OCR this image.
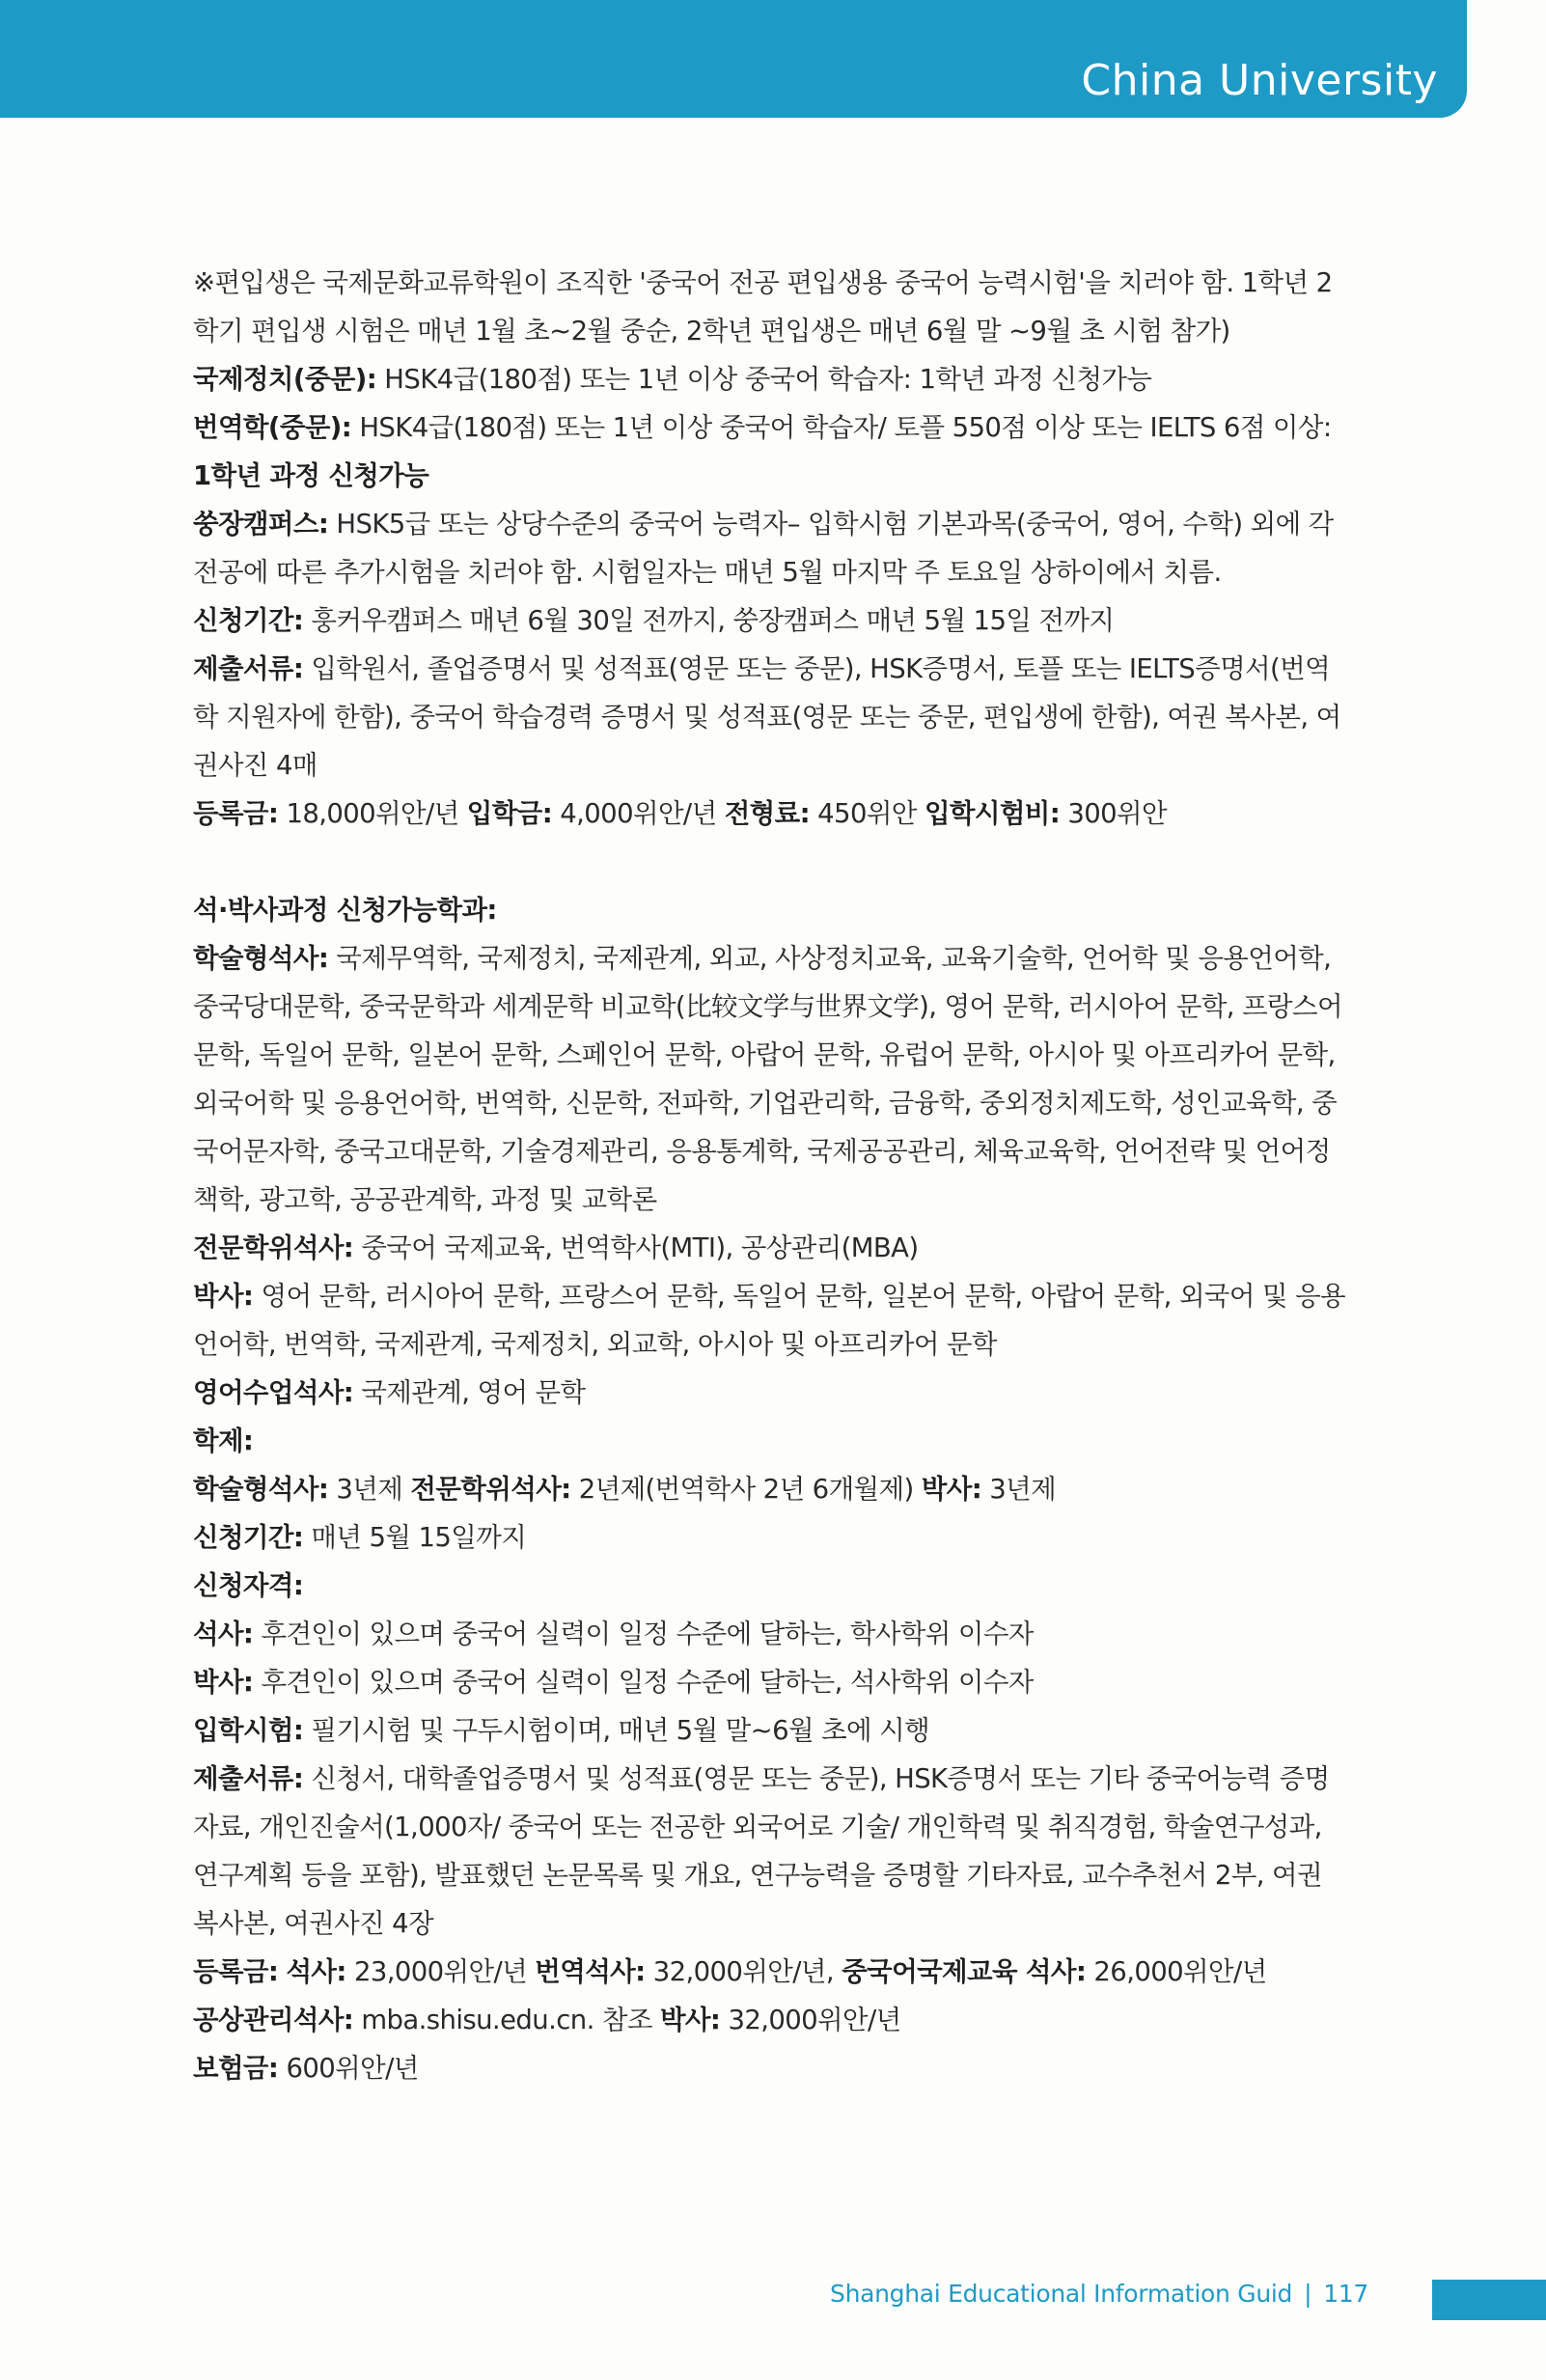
China University

※편입생은 국제문화교류학원이 조직한 '중국어 전공 편입생용 중국어 능력시험'을 치러야 함. 1학년 2학기 편입생 시험은 매년 1월 초~2월 중순, 2학년 편입생은 매년 6월 말 ~9월 초 시험 참가)

국제정치(중문): HSK4급(180점) 또는 1년 이상 중국어 학습자: 1학년 과정 신청가능

번역학(중문): HSK4급(180점) 또는 1년 이상 중국어 학습자/ 토플 550점 이상 또는 IELTS 6점 이상: 1학년 과정 신청가능

쑹장캠퍼스: HSK5급 또는 상당수준의 중국어 능력자– 입학시험 기본과목(중국어, 영어, 수학) 외에 각 전공에 따른 추가시험을 치러야 함. 시험일자는 매년 5월 마지막 주 토요일 상하이에서 치름.

신청기간: 훙커우캠퍼스 매년 6월 30일 전까지, 쑹장캠퍼스 매년 5월 15일 전까지

제출서류: 입학원서, 졸업증명서 및 성적표(영문 또는 중문), HSK증명서, 토플 또는 IELTS증명서(번역학 지원자에 한함), 중국어 학습경력 증명서 및 성적표(영문 또는 중문, 편입생에 한함), 여권 복사본, 여권사진 4매

등록금: 18,000위안/년 입학금: 4,000위안/년 전형료: 450위안 입학시험비: 300위안

석·박사과정 신청가능학과:

학술형석사: 국제무역학, 국제정치, 국제관계, 외교, 사상정치교육, 교육기술학, 언어학 및 응용언어학, 중국당대문학, 중국문학과 세계문학 비교학(比较文学与世界文学), 영어 문학, 러시아어 문학, 프랑스어 문학, 독일어 문학, 일본어 문학, 스페인어 문학, 아랍어 문학, 유럽어 문학, 아시아 및 아프리카어 문학, 외국어학 및 응용언어학, 번역학, 신문학, 전파학, 기업관리학, 금융학, 중외정치제도학, 성인교육학, 중국어문자학, 중국고대문학, 기술경제관리, 응용통계학, 국제공공관리, 체육교육학, 언어전략 및 언어정책학, 광고학, 공공관계학, 과정 및 교학론

전문학위석사: 중국어 국제교육, 번역학사(MTI), 공상관리(MBA)

박사: 영어 문학, 러시아어 문학, 프랑스어 문학, 독일어 문학, 일본어 문학, 아랍어 문학, 외국어 및 응용언어학, 번역학, 국제관계, 국제정치, 외교학, 아시아 및 아프리카어 문학

영어수업석사: 국제관계, 영어 문학

학제:

학술형석사: 3년제 전문학위석사: 2년제(번역학사 2년 6개월제) 박사: 3년제

신청기간: 매년 5월 15일까지

신청자격:

석사: 후견인이 있으며 중국어 실력이 일정 수준에 달하는, 학사학위 이수자

박사: 후견인이 있으며 중국어 실력이 일정 수준에 달하는, 석사학위 이수자

입학시험: 필기시험 및 구두시험이며, 매년 5월 말~6월 초에 시행

제출서류: 신청서, 대학졸업증명서 및 성적표(영문 또는 중문), HSK증명서 또는 기타 중국어능력 증명자료, 개인진술서(1,000자/ 중국어 또는 전공한 외국어로 기술/ 개인학력 및 취직경험, 학술연구성과, 연구계획 등을 포함), 발표했던 논문목록 및 개요, 연구능력을 증명할 기타자료, 교수추천서 2부, 여권 복사본, 여권사진 4장

등록금: 석사: 23,000위안/년 번역석사: 32,000위안/년, 중국어국제교육 석사: 26,000위안/년

공상관리석사: mba.shisu.edu.cn. 참조 박사: 32,000위안/년

보험금: 600위안/년

Shanghai Educational Information Guid | 117
